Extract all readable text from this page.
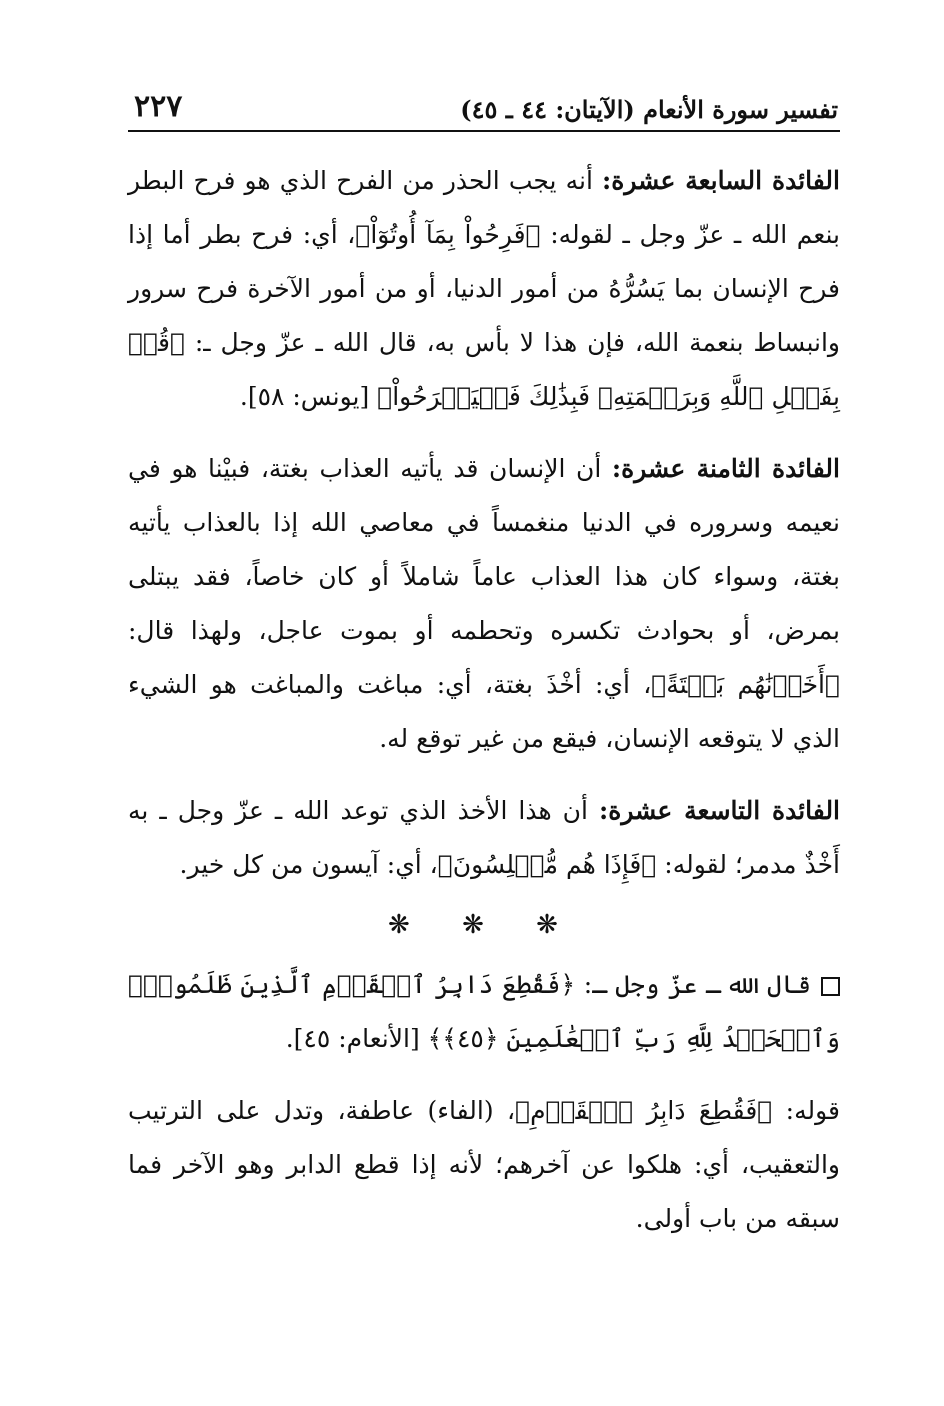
تفسير سورة الأنعام (الآيتان: ٤٤ ـ ٤٥)
٢٢٧

الفائدة السابعة عشرة: أنه يجب الحذر من الفرح الذي هو فرح البطر بنعم الله ـ عزّ وجل ـ لقوله: ﴿فَرِحُواْ بِمَآ أُوتُوٓاْ﴾، أي: فرح بطر أما إذا فرح الإنسان بما يَسُرُّهُ من أمور الدنيا، أو من أمور الآخرة فرح سرور وانبساط بنعمة الله، فإن هذا لا بأس به، قال الله ـ عزّ وجل ـ: ﴿قُلۡ بِفَضۡلِ ٱللَّهِ وَبِرَحۡمَتِهِۦ فَبِذَٰلِكَ فَلۡيَفۡرَحُواْ﴾ [يونس: ٥٨].

الفائدة الثامنة عشرة: أن الإنسان قد يأتيه العذاب بغتة، فبيْنا هو في نعيمه وسروره في الدنيا منغمساً في معاصي الله إذا بالعذاب يأتيه بغتة، وسواء كان هذا العذاب عاماً شاملاً أو كان خاصاً، فقد يبتلى بمرض، أو بحوادث تكسره وتحطمه أو بموت عاجل، ولهذا قال: ﴿أَخَذۡنَٰهُم بَغۡتَةً﴾، أي: أخْذَ بغتة، أي: مباغت والمباغت هو الشيء الذي لا يتوقعه الإنسان، فيقع من غير توقع له.

الفائدة التاسعة عشرة: أن هذا الأخذ الذي توعد الله ـ عزّ وجل ـ به أَخْذٌ مدمر؛ لقوله: ﴿فَإِذَا هُم مُّبۡلِسُونَ﴾، أي: آيسون من كل خير.

❋ ❋ ❋

قال الله ـ عزّ وجل ـ: ﴿فَقُطِعَ دَابِرُ ٱلۡقَوۡمِ ٱلَّذِينَ ظَلَمُواْۚ وَٱلۡحَمۡدُ لِلَّهِ رَبِّ ٱلۡعَٰلَمِينَ ﴿٤٥﴾﴾ [الأنعام: ٤٥].

قوله: ﴿فَقُطِعَ دَابِرُ ٱلۡقَوۡمِ﴾، (الفاء) عاطفة، وتدل على الترتيب والتعقيب، أي: هلكوا عن آخرهم؛ لأنه إذا قطع الدابر وهو الآخر فما سبقه من باب أولى.
